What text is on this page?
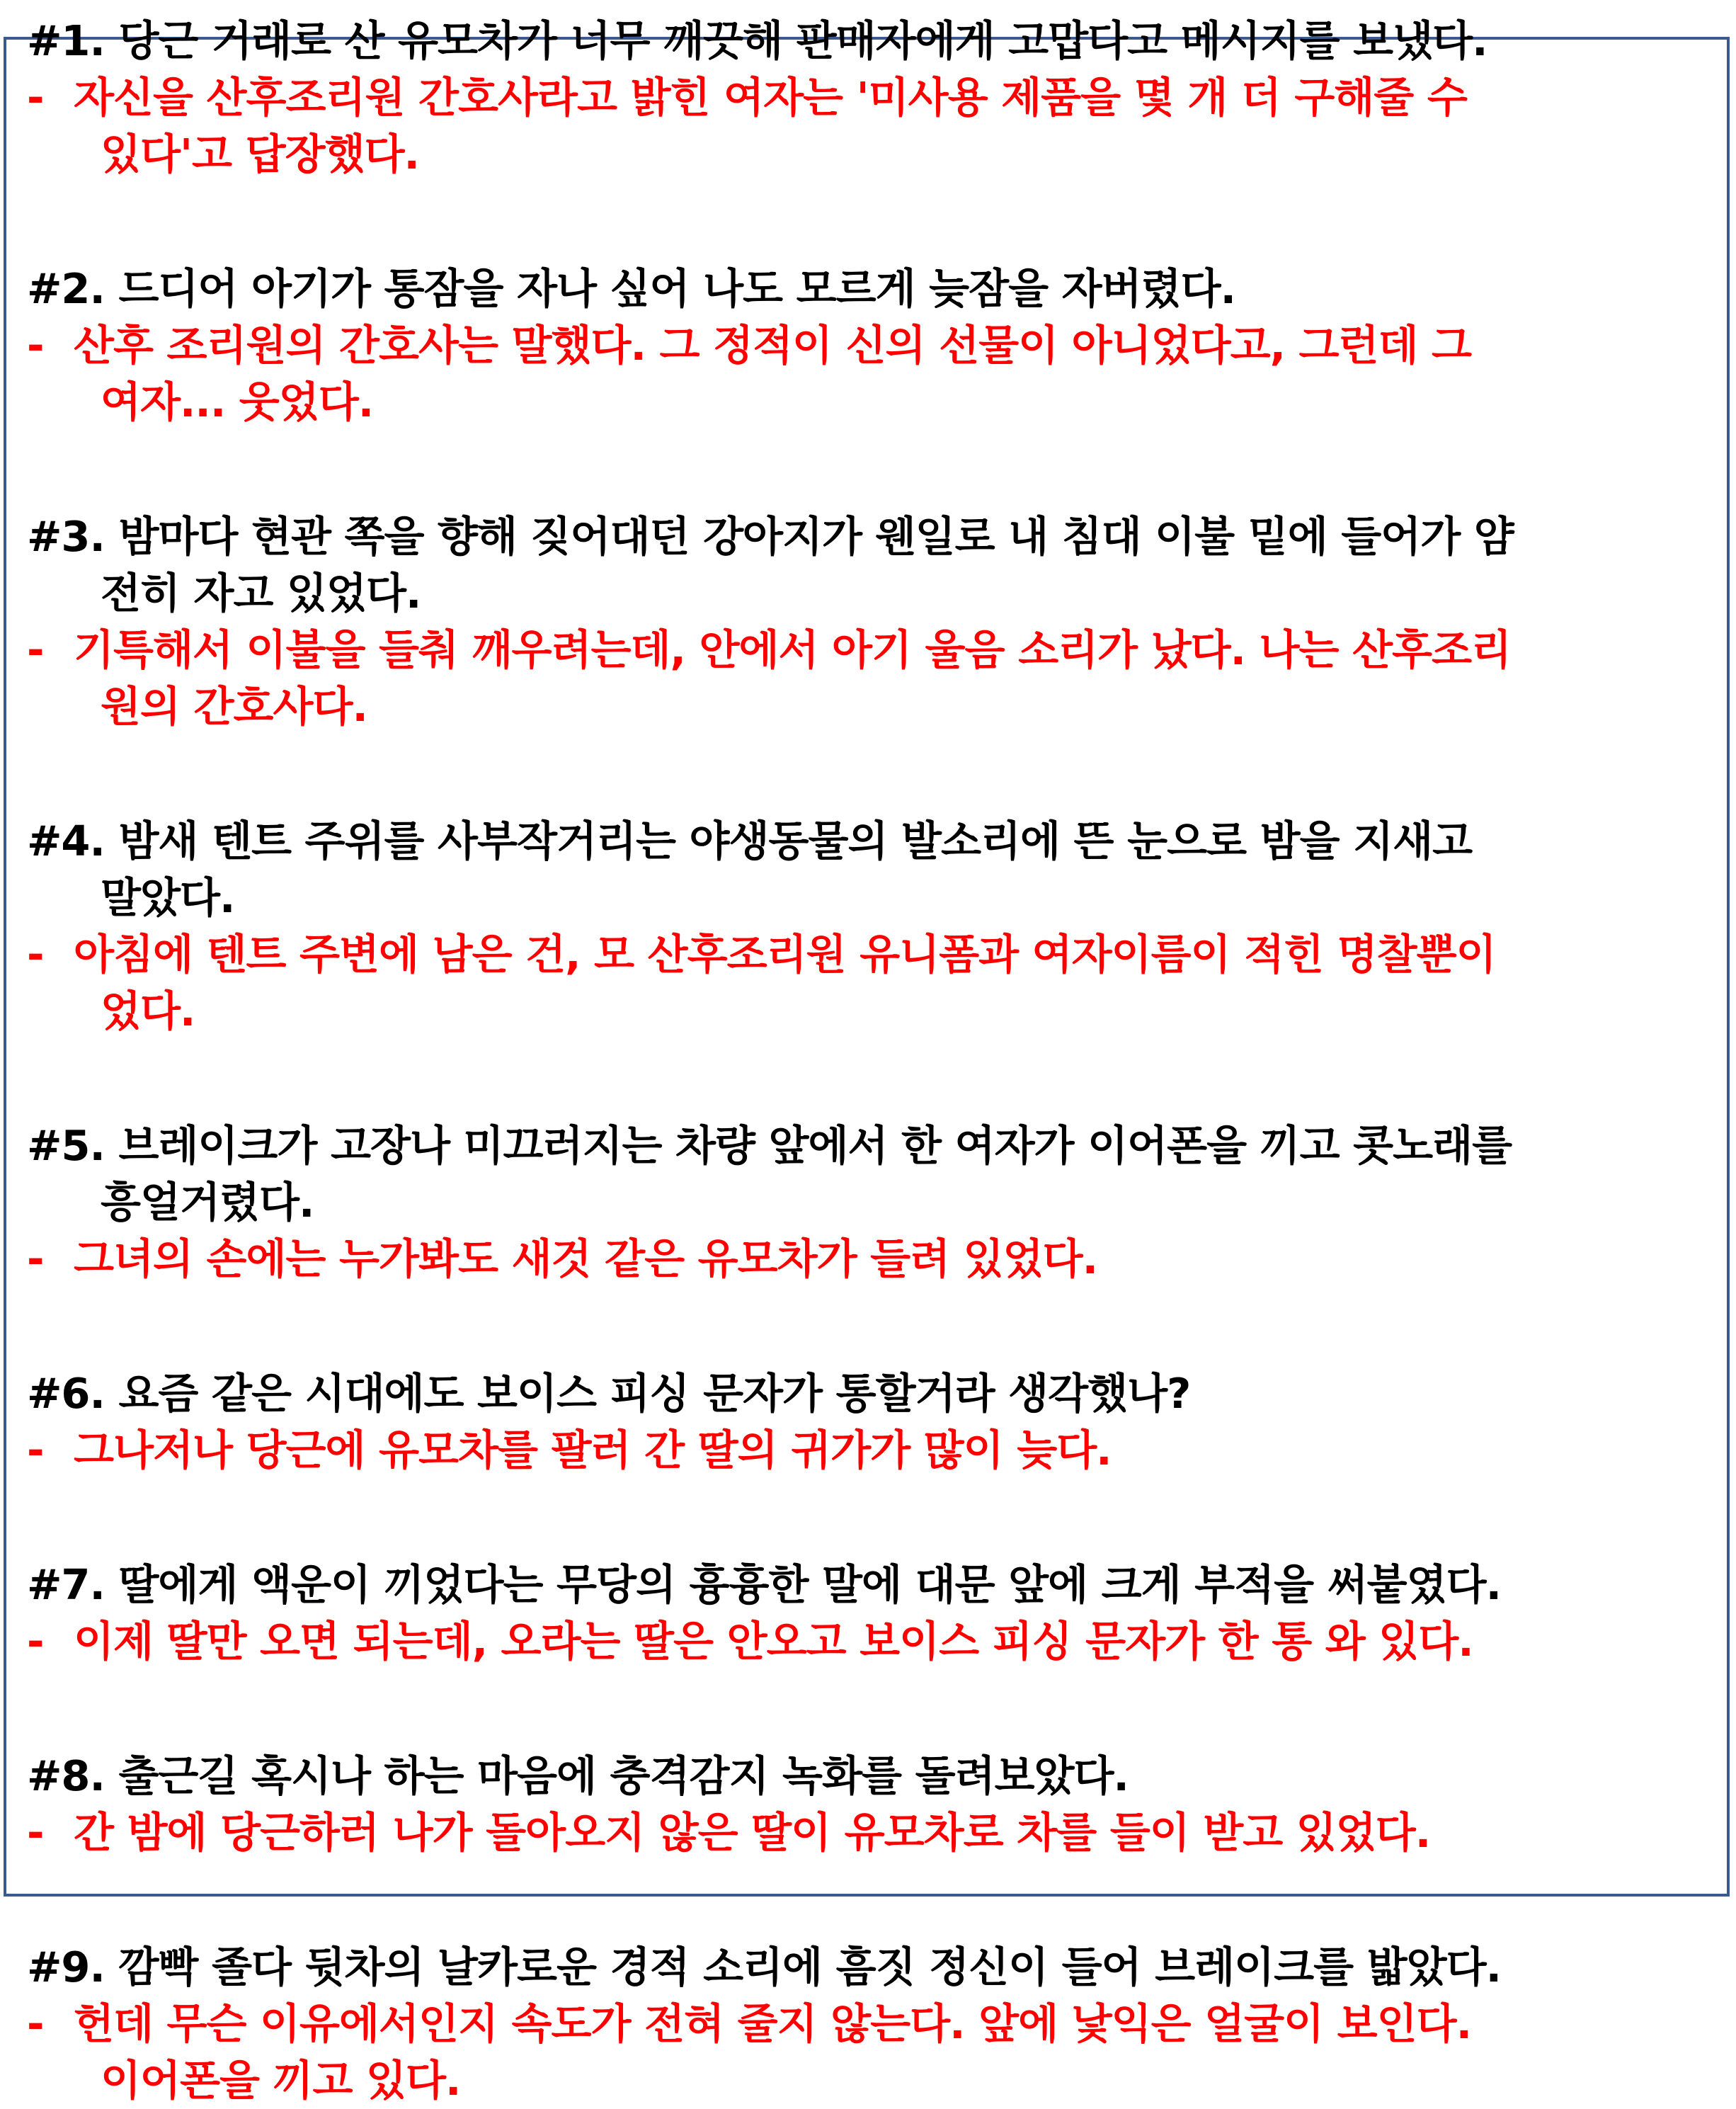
#1. 당근 거래로 산 유모차가 너무 깨끗해 판매자에게 고맙다고 메시지를 보냈다.
-자신을 산후조리원 간호사라고 밝힌 여자는 '미사용 제품을 몇 개 더 구해줄 수
있다'고 답장했다.
#2. 드디어 아기가 통잠을 자나 싶어 나도 모르게 늦잠을 자버렸다.
-산후 조리원의 간호사는 말했다. 그 정적이 신의 선물이 아니었다고, 그런데 그
여자... 웃었다.
#3. 밤마다 현관 쪽을 향해 짖어대던 강아지가 웬일로 내 침대 이불 밑에 들어가 얌
전히 자고 있었다.
-기특해서 이불을 들춰 깨우려는데, 안에서 아기 울음 소리가 났다. 나는 산후조리
원의 간호사다.
#4. 밤새 텐트 주위를 사부작거리는 야생동물의 발소리에 뜬 눈으로 밤을 지새고
말았다.
-아침에 텐트 주변에 남은 건, 모 산후조리원 유니폼과 여자이름이 적힌 명찰뿐이
었다.
#5. 브레이크가 고장나 미끄러지는 차량 앞에서 한 여자가 이어폰을 끼고 콧노래를
흥얼거렸다.
-그녀의 손에는 누가봐도 새것 같은 유모차가 들려 있었다.
#6. 요즘 같은 시대에도 보이스 피싱 문자가 통할거라 생각했나?
-그나저나 당근에 유모차를 팔러 간 딸의 귀가가 많이 늦다.
#7. 딸에게 액운이 끼었다는 무당의 흉흉한 말에 대문 앞에 크게 부적을 써붙였다.
-이제 딸만 오면 되는데, 오라는 딸은 안오고 보이스 피싱 문자가 한 통 와 있다.
#8. 출근길 혹시나 하는 마음에 충격감지 녹화를 돌려보았다.
-간 밤에 당근하러 나가 돌아오지 않은 딸이 유모차로 차를 들이 받고 있었다.
#9. 깜빡 졸다 뒷차의 날카로운 경적 소리에 흠짓 정신이 들어 브레이크를 밟았다.
-헌데 무슨 이유에서인지 속도가 전혀 줄지 않는다. 앞에 낯익은 얼굴이 보인다.
이어폰을 끼고 있다.
